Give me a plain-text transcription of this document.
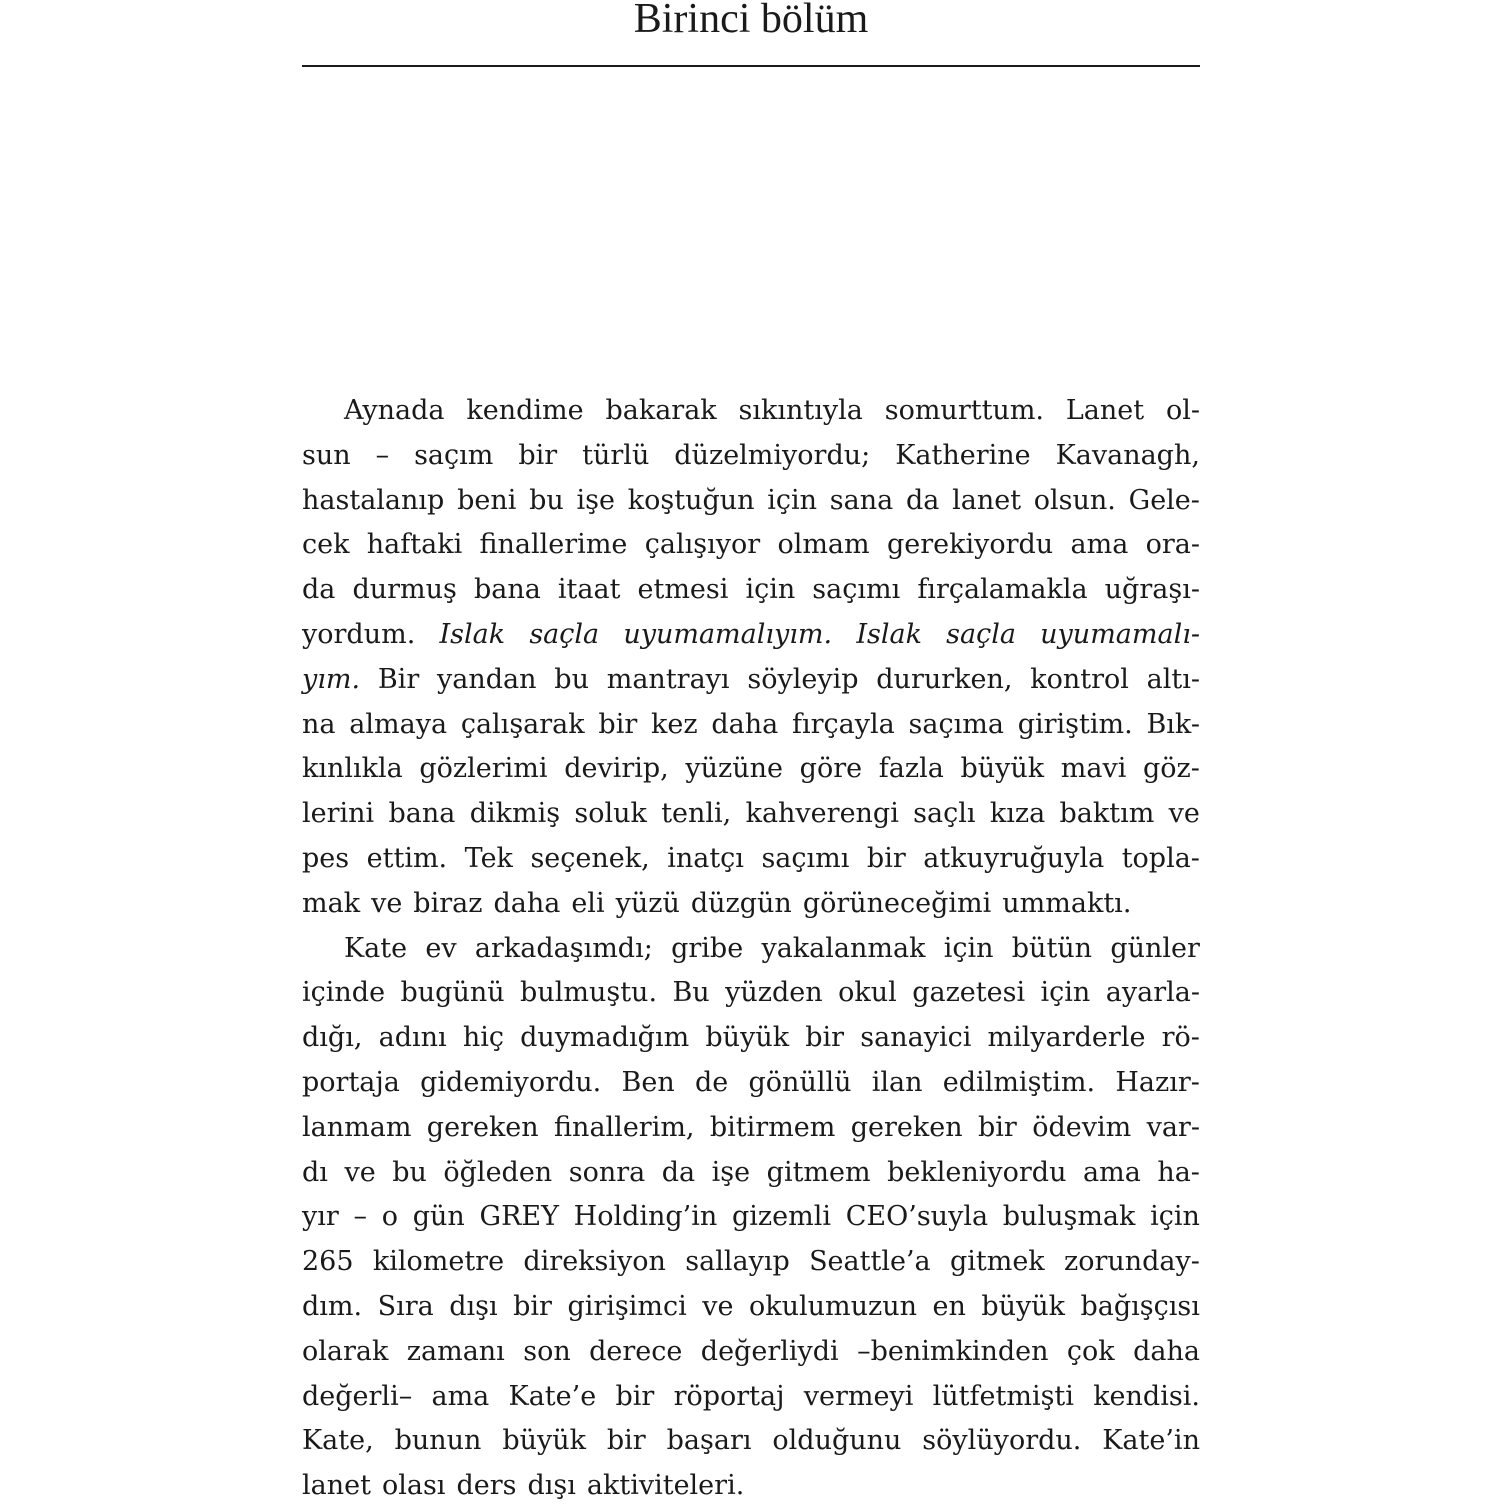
Birinci bölüm
Aynada kendime bakarak sıkıntıyla somurttum. Lanet ol-
sun – saçım bir türlü düzelmiyordu; Katherine Kavanagh,
hastalanıp beni bu işe koştuğun için sana da lanet olsun. Gele-
cek haftaki finallerime çalışıyor olmam gerekiyordu ama ora-
da durmuş bana itaat etmesi için saçımı fırçalamakla uğraşı-
yordum. Islak saçla uyumamalıyım. Islak saçla uyumamalı-
yım. Bir yandan bu mantrayı söyleyip dururken, kontrol altı-
na almaya çalışarak bir kez daha fırçayla saçıma giriştim. Bık-
kınlıkla gözlerimi devirip, yüzüne göre fazla büyük mavi göz-
lerini bana dikmiş soluk tenli, kahverengi saçlı kıza baktım ve
pes ettim. Tek seçenek, inatçı saçımı bir atkuyruğuyla topla-
mak ve biraz daha eli yüzü düzgün görüneceğimi ummaktı.
Kate ev arkadaşımdı; gribe yakalanmak için bütün günler
içinde bugünü bulmuştu. Bu yüzden okul gazetesi için ayarla-
dığı, adını hiç duymadığım büyük bir sanayici milyarderle rö-
portaja gidemiyordu. Ben de gönüllü ilan edilmiştim. Hazır-
lanmam gereken finallerim, bitirmem gereken bir ödevim var-
dı ve bu öğleden sonra da işe gitmem bekleniyordu ama ha-
yır – o gün GREY Holding’in gizemli CEO’suyla buluşmak için
265 kilometre direksiyon sallayıp Seattle’a gitmek zorunday-
dım. Sıra dışı bir girişimci ve okulumuzun en büyük bağışçısı
olarak zamanı son derece değerliydi –benimkinden çok daha
değerli– ama Kate’e bir röportaj vermeyi lütfetmişti kendisi.
Kate, bunun büyük bir başarı olduğunu söylüyordu. Kate’in
lanet olası ders dışı aktiviteleri.
